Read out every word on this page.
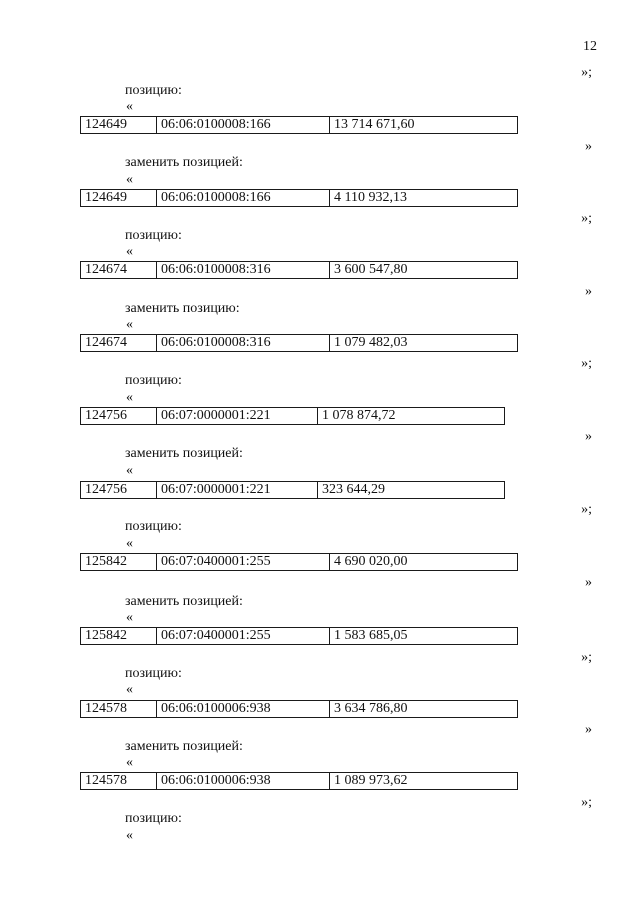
12
»;
позицию:
«
124649	06:06:0100008:166	13 714 671,60
»
заменить позицией:
«
124649	06:06:0100008:166	4 110 932,13
»;
позицию:
«
124674	06:06:0100008:316	3 600 547,80
»
заменить позицию:
«
124674	06:06:0100008:316	1 079 482,03
»;
позицию:
«
124756	06:07:0000001:221	1 078 874,72
»
заменить позицией:
«
124756	06:07:0000001:221	323 644,29
»;
позицию:
«
125842	06:07:0400001:255	4 690 020,00
»
заменить позицией:
«
125842	06:07:0400001:255	1 583 685,05
»;
позицию:
«
124578	06:06:0100006:938	3 634 786,80
»
заменить позицией:
«
124578	06:06:0100006:938	1 089 973,62
»;
позицию:
«
